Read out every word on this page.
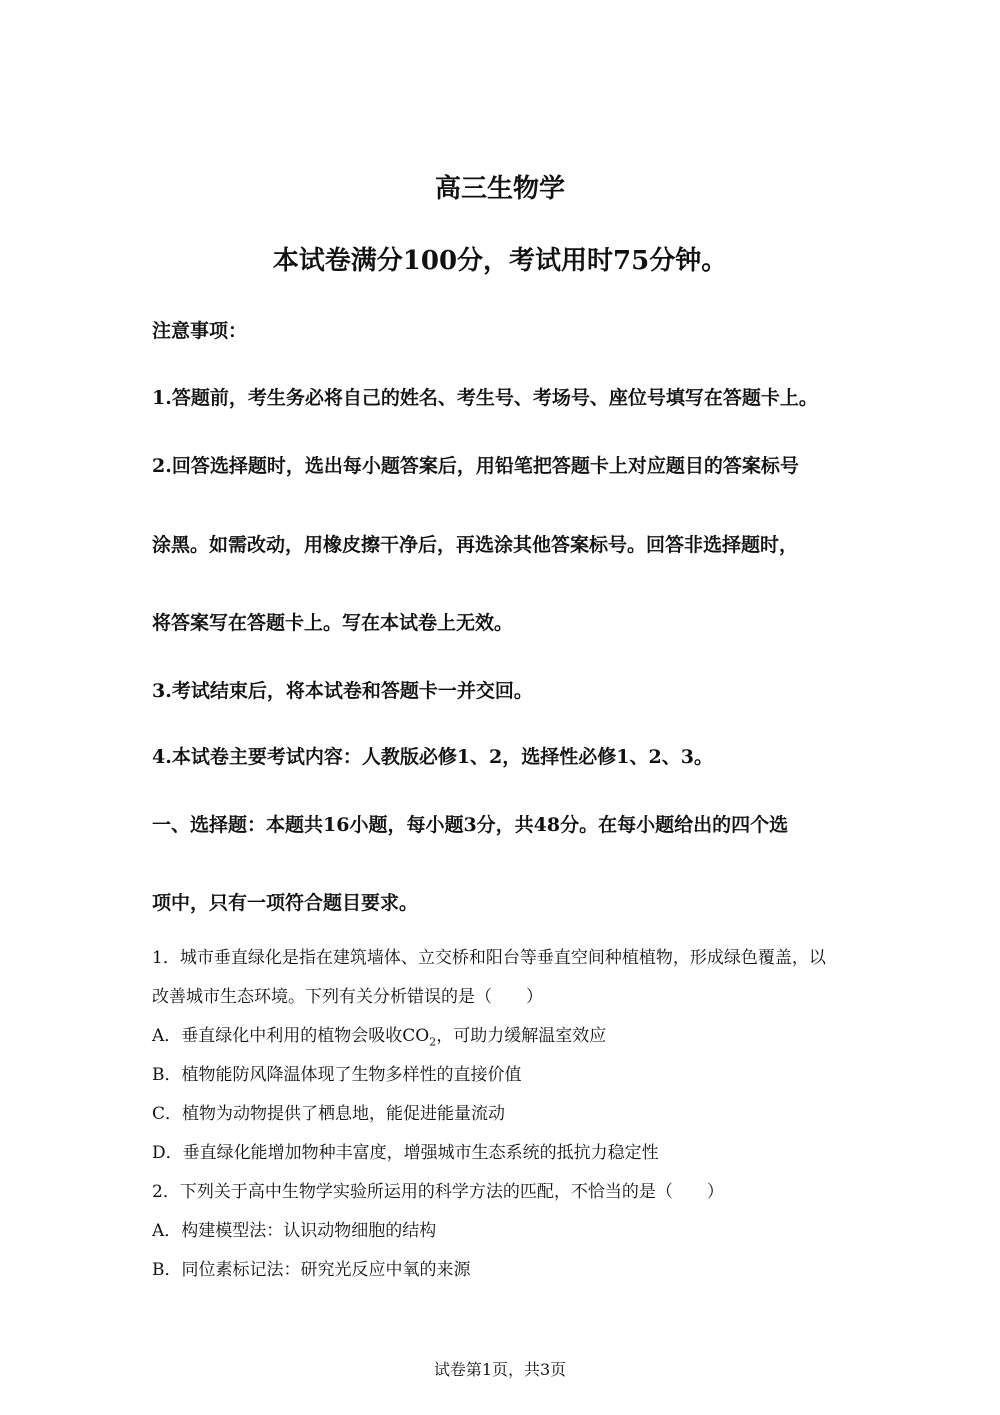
高三生物学
本试卷满分100分，考试用时75分钟。
注意事项：
1.答题前，考生务必将自己的姓名、考生号、考场号、座位号填写在答题卡上。
2.回答选择题时，选出每小题答案后，用铅笔把答题卡上对应题目的答案标号
涂黑。如需改动，用橡皮擦干净后，再选涂其他答案标号。回答非选择题时，
将答案写在答题卡上。写在本试卷上无效。
3.考试结束后，将本试卷和答题卡一并交回。
4.本试卷主要考试内容：人教版必修1、2，选择性必修1、2、3。
一、选择题：本题共16小题，每小题3分，共48分。在每小题给出的四个选
项中，只有一项符合题目要求。
1．城市垂直绿化是指在建筑墙体、立交桥和阳台等垂直空间种植植物，形成绿色覆盖，以
改善城市生态环境。下列有关分析错误的是（　　）
A．垂直绿化中利用的植物会吸收$CO_2$，可助力缓解温室效应
B．植物能防风降温体现了生物多样性的直接价值
C．植物为动物提供了栖息地，能促进能量流动
D．垂直绿化能增加物种丰富度，增强城市生态系统的抵抗力稳定性
2．下列关于高中生物学实验所运用的科学方法的匹配，不恰当的是（　　）
A．构建模型法：认识动物细胞的结构
B．同位素标记法：研究光反应中氧的来源
试卷第1页，共3页
